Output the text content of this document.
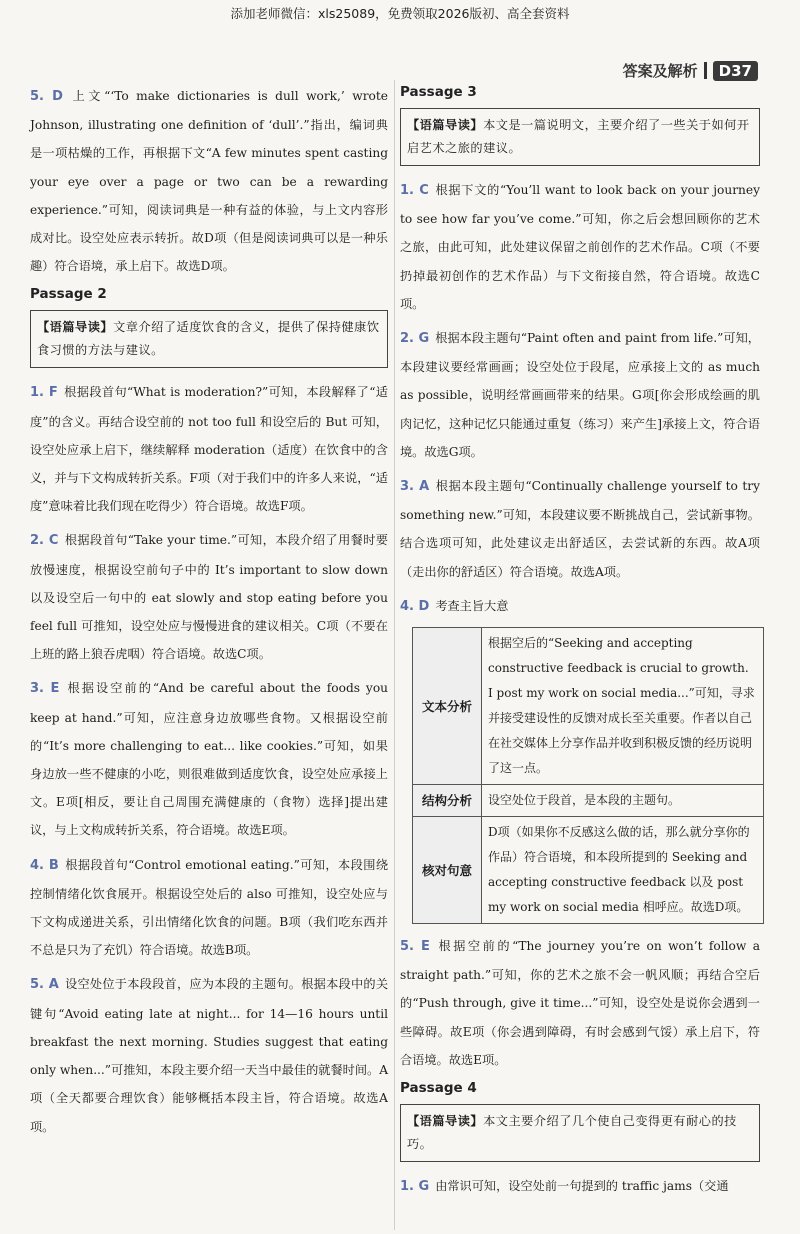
添加老师微信：xls25089，免费领取2026版初、高全套资料
答案及解析	D37
5. D 上文“‘To make dictionaries is dull work,’ wrote Johnson, illustrating one definition of ‘dull’.”指出，编词典是一项枯燥的工作，再根据下文“A few minutes spent casting your eye over a page or two can be a rewarding experience.”可知，阅读词典是一种有益的体验，与上文内容形成对比。设空处应表示转折。故D项（但是阅读词典可以是一种乐趣）符合语境，承上启下。故选D项。
Passage 2
【语篇导读】文章介绍了适度饮食的含义，提供了保持健康饮食习惯的方法与建议。
1. F 根据段首句“What is moderation?”可知，本段解释了“适度”的含义。再结合设空前的 not too full 和设空后的 But 可知，设空处应承上启下，继续解释 moderation（适度）在饮食中的含义，并与下文构成转折关系。F项（对于我们中的许多人来说，“适度”意味着比我们现在吃得少）符合语境。故选F项。
2. C 根据段首句“Take your time.”可知，本段介绍了用餐时要放慢速度，根据设空前句子中的 It’s important to slow down 以及设空后一句中的 eat slowly and stop eating before you feel full 可推知，设空处应与慢慢进食的建议相关。C项（不要在上班的路上狼吞虎咽）符合语境。故选C项。
3. E 根据设空前的“And be careful about the foods you keep at hand.”可知，应注意身边放哪些食物。又根据设空前的“It’s more challenging to eat... like cookies.”可知，如果身边放一些不健康的小吃，则很难做到适度饮食，设空处应承接上文。E项[相反，要让自己周围充满健康的（食物）选择]提出建议，与上文构成转折关系，符合语境。故选E项。
4. B 根据段首句“Control emotional eating.”可知，本段围绕控制情绪化饮食展开。根据设空处后的 also 可推知，设空处应与下文构成递进关系，引出情绪化饮食的问题。B项（我们吃东西并不总是只为了充饥）符合语境。故选B项。
5. A 设空处位于本段段首，应为本段的主题句。根据本段中的关键句“Avoid eating late at night... for 14—16 hours until breakfast the next morning. Studies suggest that eating only when...”可推知，本段主要介绍一天当中最佳的就餐时间。A项（全天都要合理饮食）能够概括本段主旨，符合语境。故选A项。
Passage 3
【语篇导读】本文是一篇说明文，主要介绍了一些关于如何开启艺术之旅的建议。
1. C 根据下文的“You’ll want to look back on your journey to see how far you’ve come.”可知，你之后会想回顾你的艺术之旅，由此可知，此处建议保留之前创作的艺术作品。C项（不要扔掉最初创作的艺术作品）与下文衔接自然，符合语境。故选C项。
2. G 根据本段主题句“Paint often and paint from life.”可知，本段建议要经常画画；设空处位于段尾，应承接上文的 as much as possible，说明经常画画带来的结果。G项[你会形成绘画的肌肉记忆，这种记忆只能通过重复（练习）来产生]承接上文，符合语境。故选G项。
3. A 根据本段主题句“Continually challenge yourself to try something new.”可知，本段建议要不断挑战自己，尝试新事物。结合选项可知，此处建议走出舒适区，去尝试新的东西。故A项（走出你的舒适区）符合语境。故选A项。
4. D 考查主旨大意
文本分析	根据空后的“Seeking and accepting constructive feedback is crucial to growth. I post my work on social media...”可知，寻求并接受建设性的反馈对成长至关重要。作者以自己在社交媒体上分享作品并收到积极反馈的经历说明了这一点。
结构分析	设空处位于段首，是本段的主题句。
核对句意	D项（如果你不反感这么做的话，那么就分享你的作品）符合语境，和本段所提到的 Seeking and accepting constructive feedback 以及 post my work on social media 相呼应。故选D项。
5. E 根据空前的“The journey you’re on won’t follow a straight path.”可知，你的艺术之旅不会一帆风顺；再结合空后的“Push through, give it time...”可知，设空处是说你会遇到一些障碍。故E项（你会遇到障碍，有时会感到气馁）承上启下，符合语境。故选E项。
Passage 4
【语篇导读】本文主要介绍了几个使自己变得更有耐心的技巧。
1. G 由常识可知，设空处前一句提到的 traffic jams（交通
